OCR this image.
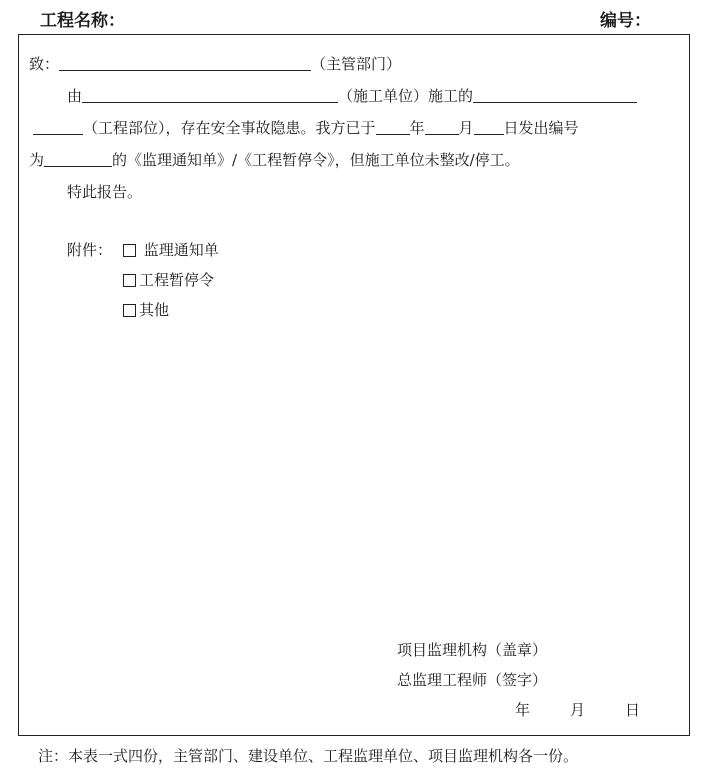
工程名称：	编号：
致：	（主管部门）
由	（施工单位）施工的
（工程部位），存在安全事故隐患。我方已于 年 月 日发出编号
为	的《监理通知单》/《工程暂停令》，但施工单位未整改/停工。
特此报告。
附件：	监理通知单
工程暂停令
其他
项目监理机构（盖章）
总监理工程师（签字）
年	月	日
注：本表一式四份，主管部门、建设单位、工程监理单位、项目监理机构各一份。
